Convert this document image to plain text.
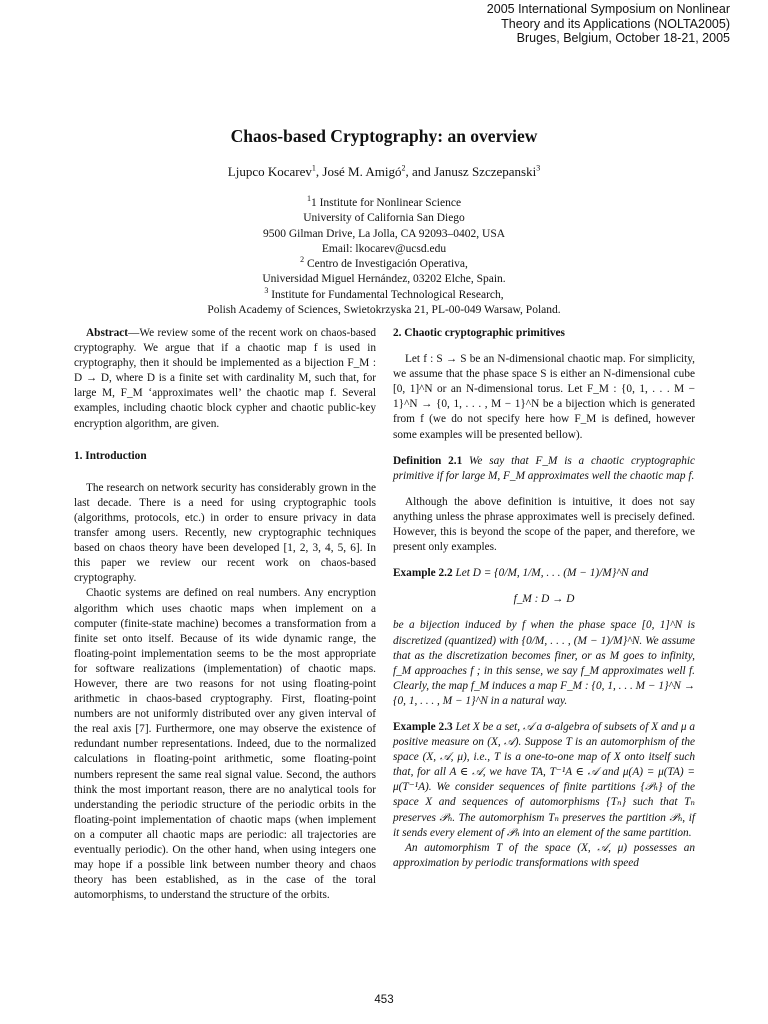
2005 International Symposium on Nonlinear
Theory and its Applications (NOLTA2005)
Bruges, Belgium, October 18-21, 2005
Chaos-based Cryptography: an overview
Ljupco Kocarev$^1$, José M. Amigó$^2$, and Janusz Szczepanski$^3$
$^1$1 Institute for Nonlinear Science
University of California San Diego
9500 Gilman Drive, La Jolla, CA 92093–0402, USA
Email: lkocarev@ucsd.edu
$^2$ Centro de Investigación Operativa,
Universidad Miguel Hernández, 03202 Elche, Spain.
$^3$ Institute for Fundamental Technological Research,
Polish Academy of Sciences, Swietokrzyska 21, PL-00-049 Warsaw, Poland.

Abstract—We review some of the recent work on chaos-based cryptography. We argue that if a chaotic map f is used in cryptography, then it should be implemented as a bijection F_M : D → D, where D is a finite set with cardinality M, such that, for large M, F_M ‘approximates well’ the chaotic map f. Several examples, including chaotic block cypher and chaotic public-key encryption algorithm, are given.

1. Introduction

The research on network security has considerably grown in the last decade. There is a need for using cryptographic tools (algorithms, protocols, etc.) in order to ensure privacy in data transfer among users. Recently, new cryptographic techniques based on chaos theory have been developed [1, 2, 3, 4, 5, 6]. In this paper we review our recent work on chaos-based cryptography.

Chaotic systems are defined on real numbers. Any encryption algorithm which uses chaotic maps when implement on a computer (finite-state machine) becomes a transformation from a finite set onto itself. Because of its wide dynamic range, the floating-point implementation seems to be the most appropriate for software realizations (implementation) of chaotic maps. However, there are two reasons for not using floating-point arithmetic in chaos-based cryptography. First, floating-point numbers are not uniformly distributed over any given interval of the real axis [7]. Furthermore, one may observe the existence of redundant number representations. Indeed, due to the normalized calculations in floating-point arithmetic, some floating-point numbers represent the same real signal value. Second, the authors think the most important reason, there are no analytical tools for understanding the periodic structure of the periodic orbits in the floating-point implementation of chaotic maps (when implement on a computer all chaotic maps are periodic: all trajectories are eventually periodic). On the other hand, when using integers one may hope if a possible link between number theory and chaos theory has been established, as in the case of the toral automorphisms, to understand the structure of the orbits.

2. Chaotic cryptographic primitives

Let f : S → S be an N-dimensional chaotic map. For simplicity, we assume that the phase space S is either an N-dimensional cube [0, 1]^N or an N-dimensional torus. Let F_M : {0, 1, . . . M − 1}^N → {0, 1, . . . , M − 1}^N be a bijection which is generated from f (we do not specify here how F_M is defined, however some examples will be presented bellow).

Definition 2.1 We say that F_M is a chaotic cryptographic primitive if for large M, F_M approximates well the chaotic map f.

Although the above definition is intuitive, it does not say anything unless the phrase approximates well is precisely defined. However, this is beyond the scope of the paper, and therefore, we present only examples.

Example 2.2 Let D = {0/M, 1/M, . . . (M − 1)/M}^N and

f_M : D → D

be a bijection induced by f when the phase space [0, 1]^N is discretized (quantized) with {0/M, . . . , (M − 1)/M}^N. We assume that as the discretization becomes finer, or as M goes to infinity, f_M approaches f ; in this sense, we say f_M approximates well f. Clearly, the map f_M induces a map F_M : {0, 1, . . . M − 1}^N → {0, 1, . . . , M − 1}^N in a natural way.

Example 2.3 Let X be a set, 𝒜 a σ-algebra of subsets of X and μ a positive measure on (X, 𝒜). Suppose T is an automorphism of the space (X, 𝒜, μ), i.e., T is a one-to-one map of X onto itself such that, for all A ∈ 𝒜, we have TA, T⁻¹A ∈ 𝒜 and μ(A) = μ(TA) = μ(T⁻¹A). We consider sequences of finite partitions {𝒫ₙ} of the space X and sequences of automorphisms {Tₙ} such that Tₙ preserves 𝒫ₙ. The automorphism Tₙ preserves the partition 𝒫ₙ, if it sends every element of 𝒫ₙ into an element of the same partition.

An automorphism T of the space (X, 𝒜, μ) possesses an approximation by periodic transformations with speed

453
